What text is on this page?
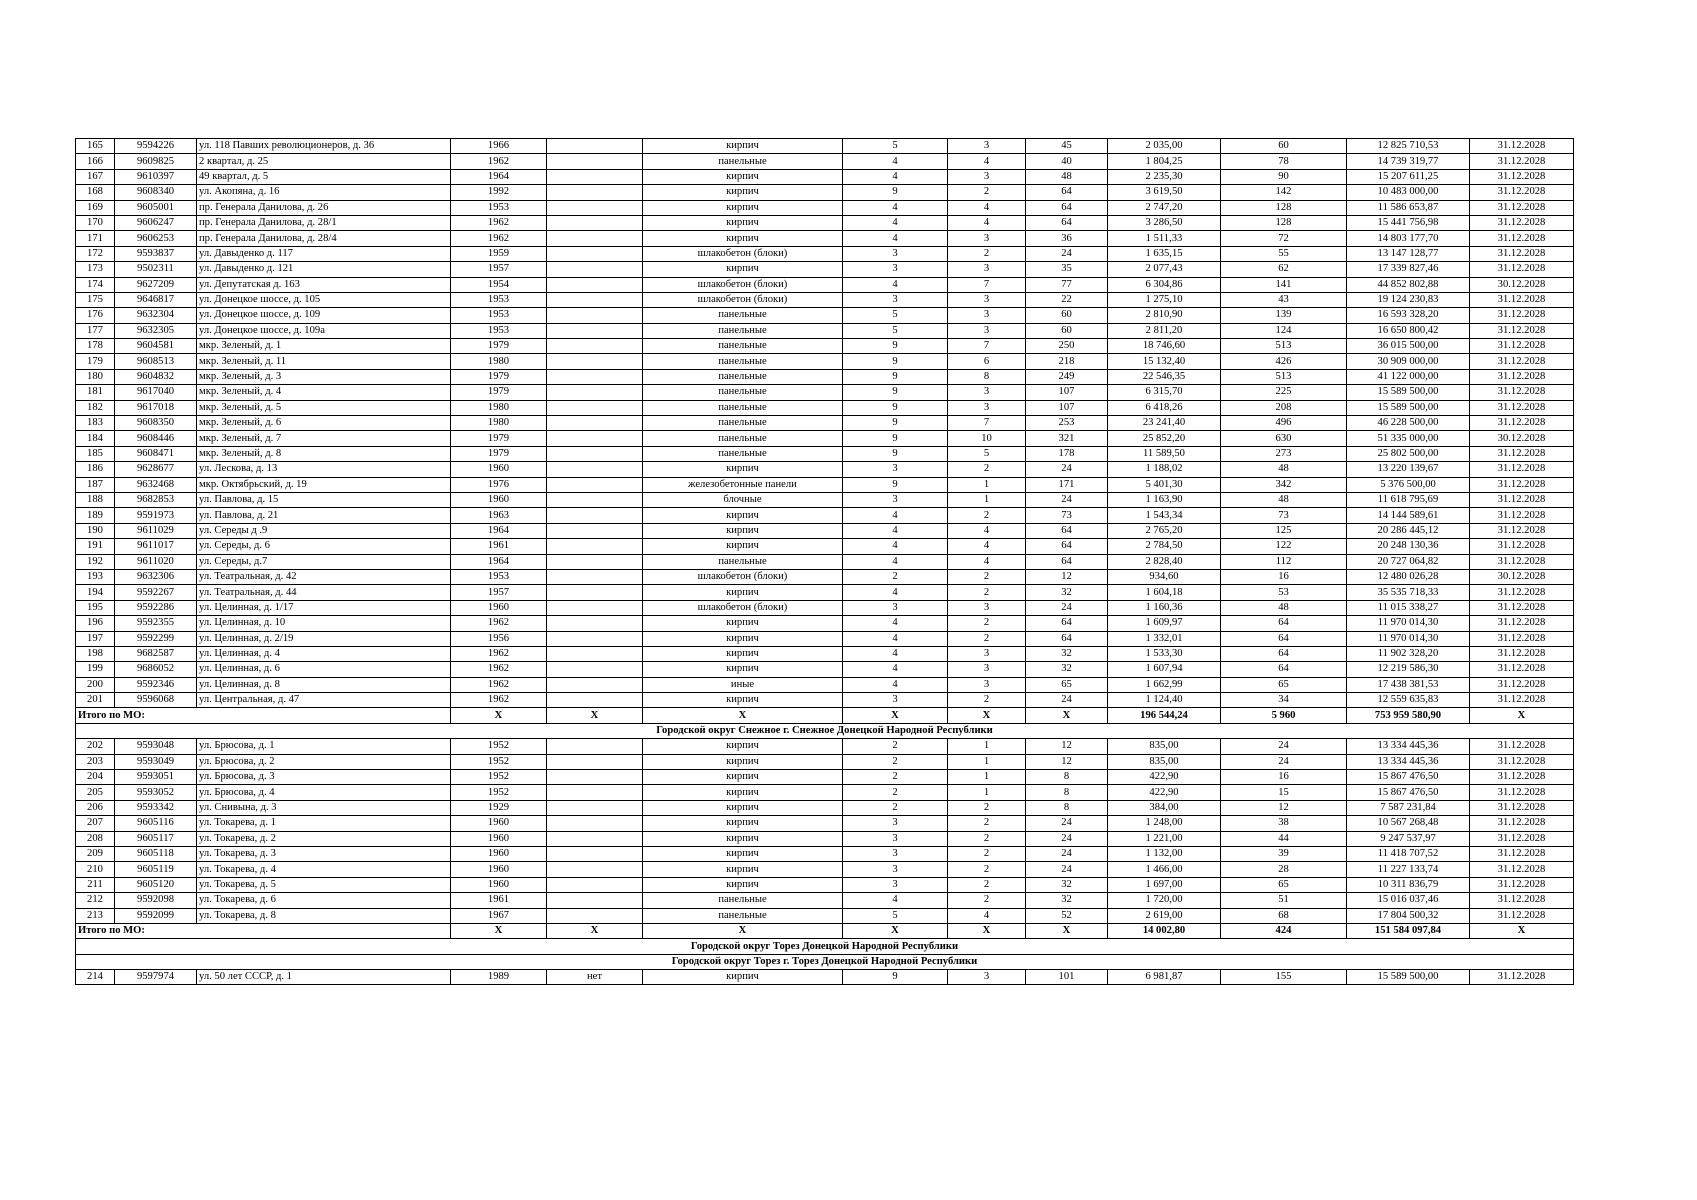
165	9594226	ул. 118 Павших революционеров, д. 36	1966		кирпич	5	3	45	2 035,00	60	12 825 710,53	31.12.2028
166	9609825	2 квартал, д. 25	1962		панельные	4	4	40	1 804,25	78	14 739 319,77	31.12.2028
167	9610397	49 квартал, д. 5	1964		кирпич	4	3	48	2 235,30	90	15 207 611,25	31.12.2028
168	9608340	ул. Акопяна, д. 16	1992		кирпич	9	2	64	3 619,50	142	10 483 000,00	31.12.2028
169	9605001	пр. Генерала Данилова, д. 26	1953		кирпич	4	4	64	2 747,20	128	11 586 653,87	31.12.2028
170	9606247	пр. Генерала Данилова, д. 28/1	1962		кирпич	4	4	64	3 286,50	128	15 441 756,98	31.12.2028
171	9606253	пр. Генерала Данилова, д. 28/4	1962		кирпич	4	3	36	1 511,33	72	14 803 177,70	31.12.2028
172	9593837	ул. Давыденко д. 117	1959		шлакобетон (блоки)	3	2	24	1 635,15	55	13 147 128,77	31.12.2028
173	9502311	ул. Давыденко д. 121	1957		кирпич	3	3	35	2 077,43	62	17 339 827,46	31.12.2028
174	9627209	ул. Депутатская д. 163	1954		шлакобетон (блоки)	4	7	77	6 304,86	141	44 852 802,88	30.12.2028
175	9646817	ул. Донецкое шоссе, д. 105	1953		шлакобетон (блоки)	3	3	22	1 275,10	43	19 124 230,83	31.12.2028
176	9632304	ул. Донецкое шоссе, д. 109	1953		панельные	5	3	60	2 810,90	139	16 593 328,20	31.12.2028
177	9632305	ул. Донецкое шоссе, д. 109а	1953		панельные	5	3	60	2 811,20	124	16 650 800,42	31.12.2028
178	9604581	мкр. Зеленый, д. 1	1979		панельные	9	7	250	18 746,60	513	36 015 500,00	31.12.2028
179	9608513	мкр. Зеленый, д. 11	1980		панельные	9	6	218	15 132,40	426	30 909 000,00	31.12.2028
180	9604832	мкр. Зеленый, д. 3	1979		панельные	9	8	249	22 546,35	513	41 122 000,00	31.12.2028
181	9617040	мкр. Зеленый, д. 4	1979		панельные	9	3	107	6 315,70	225	15 589 500,00	31.12.2028
182	9617018	мкр. Зеленый, д. 5	1980		панельные	9	3	107	6 418,26	208	15 589 500,00	31.12.2028
183	9608350	мкр. Зеленый, д. 6	1980		панельные	9	7	253	23 241,40	496	46 228 500,00	31.12.2028
184	9608446	мкр. Зеленый, д. 7	1979		панельные	9	10	321	25 852,20	630	51 335 000,00	30.12.2028
185	9608471	мкр. Зеленый, д. 8	1979		панельные	9	5	178	11 589,50	273	25 802 500,00	31.12.2028
186	9628677	ул. Лескова, д. 13	1960		кирпич	3	2	24	1 188,02	48	13 220 139,67	31.12.2028
187	9632468	мкр. Октябрьский, д. 19	1976		железобетонные панели	9	1	171	5 401,30	342	5 376 500,00	31.12.2028
188	9682853	ул. Павлова, д. 15	1960		блочные	3	1	24	1 163,90	48	11 618 795,69	31.12.2028
189	9591973	ул. Павлова, д. 21	1963		кирпич	4	2	73	1 543,34	73	14 144 589,61	31.12.2028
190	9611029	ул. Середы д .9	1964		кирпич	4	4	64	2 765,20	125	20 286 445,12	31.12.2028
191	9611017	ул. Середы, д. 6	1961		кирпич	4	4	64	2 784,50	122	20 248 130,36	31.12.2028
192	9611020	ул. Середы, д.7	1964		панельные	4	4	64	2 828,40	112	20 727 064,82	31.12.2028
193	9632306	ул. Театральная, д. 42	1953		шлакобетон (блоки)	2	2	12	934,60	16	12 480 026,28	30.12.2028
194	9592267	ул. Театральная, д. 44	1957		кирпич	4	2	32	1 604,18	53	35 535 718,33	31.12.2028
195	9592286	ул. Целинная, д. 1/17	1960		шлакобетон (блоки)	3	3	24	1 160,36	48	11 015 338,27	31.12.2028
196	9592355	ул. Целинная, д. 10	1962		кирпич	4	2	64	1 609,97	64	11 970 014,30	31.12.2028
197	9592299	ул. Целинная, д. 2/19	1956		кирпич	4	2	64	1 332,01	64	11 970 014,30	31.12.2028
198	9682587	ул. Целинная, д. 4	1962		кирпич	4	3	32	1 533,30	64	11 902 328,20	31.12.2028
199	9686052	ул. Целинная, д. 6	1962		кирпич	4	3	32	1 607,94	64	12 219 586,30	31.12.2028
200	9592346	ул. Целинная, д. 8	1962		иные	4	3	65	1 662,99	65	17 438 381,53	31.12.2028
201	9596068	ул. Центральная, д. 47	1962		кирпич	3	2	24	1 124,40	34	12 559 635,83	31.12.2028
Итого по МО:			X	X	X	X	X	X	196 544,24	5 960	753 959 580,90	X
Городской округ Снежное г. Снежное Донецкой Народной Республики												
202	9593048	ул. Брюсова, д. 1	1952		кирпич	2	1	12	835,00	24	13 334 445,36	31.12.2028
203	9593049	ул. Брюсова, д. 2	1952		кирпич	2	1	12	835,00	24	13 334 445,36	31.12.2028
204	9593051	ул. Брюсова, д. 3	1952		кирпич	2	1	8	422,90	16	15 867 476,50	31.12.2028
205	9593052	ул. Брюсова, д. 4	1952		кирпич	2	1	8	422,90	15	15 867 476,50	31.12.2028
206	9593342	ул. Снивына, д. 3	1929		кирпич	2	2	8	384,00	12	7 587 231,84	31.12.2028
207	9605116	ул. Токарева, д. 1	1960		кирпич	3	2	24	1 248,00	38	10 567 268,48	31.12.2028
208	9605117	ул. Токарева, д. 2	1960		кирпич	3	2	24	1 221,00	44	9 247 537,97	31.12.2028
209	9605118	ул. Токарева, д. 3	1960		кирпич	3	2	24	1 132,00	39	11 418 707,52	31.12.2028
210	9605119	ул. Токарева, д. 4	1960		кирпич	3	2	24	1 466,00	28	11 227 133,74	31.12.2028
211	9605120	ул. Токарева, д. 5	1960		кирпич	3	2	32	1 697,00	65	10 311 836,79	31.12.2028
212	9592098	ул. Токарева, д. 6	1961		панельные	4	2	32	1 720,00	51	15 016 037,46	31.12.2028
213	9592099	ул. Токарева, д. 8	1967		панельные	5	4	52	2 619,00	68	17 804 500,32	31.12.2028
Итого по МО:			X	X	X	X	X	X	14 002,80	424	151 584 097,84	X
Городской округ Торез Донецкой Народной Республики												
Городской округ Торез г. Торез Донецкой Народной Республики												
214	9597974	ул. 50 лет СССР, д. 1	1989	нет	кирпич	9	3	101	6 981,87	155	15 589 500,00	31.12.2028
